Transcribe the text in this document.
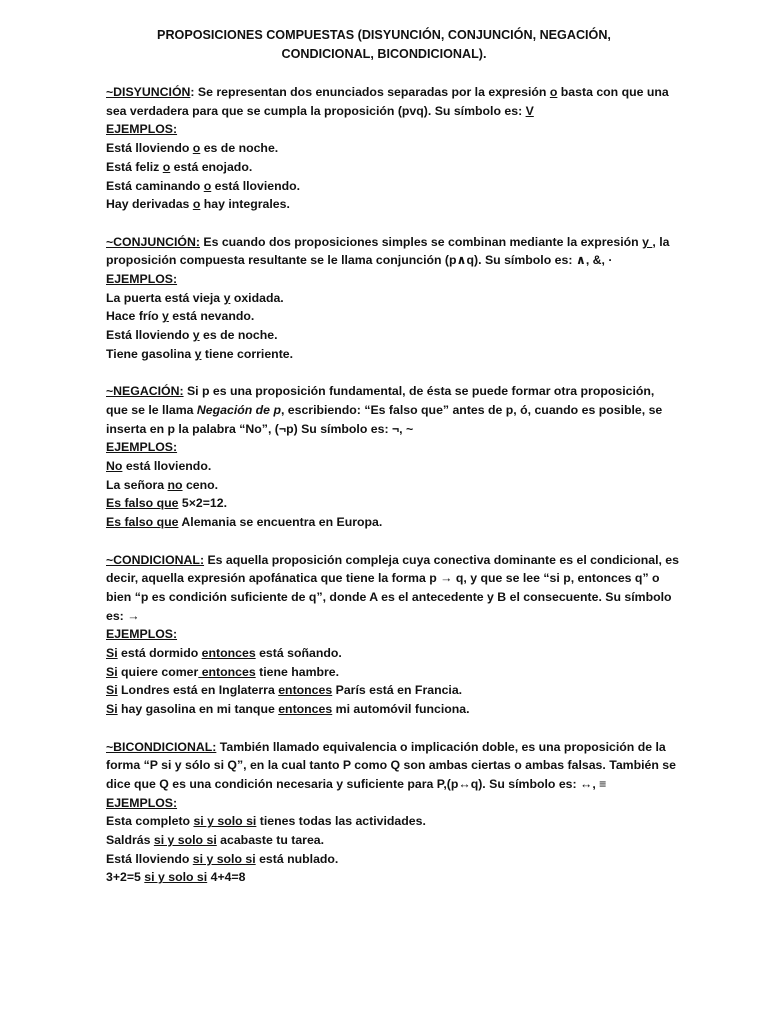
PROPOSICIONES COMPUESTAS (DISYUNCIÓN, CONJUNCIÓN, NEGACIÓN,
CONDICIONAL, BICONDICIONAL).
~DISYUNCIÓN: Se representan dos enunciados separadas por la expresión o basta con que una
sea verdadera para que se cumpla la proposición (pvq). Su símbolo es: V
EJEMPLOS:
Está lloviendo o es de noche.
Está feliz o está enojado.
Está caminando o está lloviendo.
Hay derivadas o hay integrales.
~CONJUNCIÓN: Es cuando dos proposiciones simples se combinan mediante la expresión y , la
proposición compuesta resultante se le llama conjunción (p∧q). Su símbolo es: ∧, &, ·
EJEMPLOS:
La puerta está vieja y oxidada.
Hace frío y está nevando.
Está lloviendo y es de noche.
Tiene gasolina y tiene corriente.
~NEGACIÓN: Si p es una proposición fundamental, de ésta se puede formar otra proposición,
que se le llama Negación de p, escribiendo: “Es falso que” antes de p, ó, cuando es posible, se
inserta en p la palabra “No”, (¬p) Su símbolo es: ¬, ~
EJEMPLOS:
No está lloviendo.
La señora no ceno.
Es falso que 5×2=12.
Es falso que Alemania se encuentra en Europa.
~CONDICIONAL: Es aquella proposición compleja cuya conectiva dominante es el condicional, es
decir, aquella expresión apofánatica que tiene la forma p → q, y que se lee “si p, entonces q” o
bien “p es condición suficiente de q”, donde A es el antecedente y B el consecuente. Su símbolo
es: →
EJEMPLOS:
Si está dormido entonces está soñando.
Si quiere comer entonces tiene hambre.
Si Londres está en Inglaterra entonces París está en Francia.
Si hay gasolina en mi tanque entonces mi automóvil funciona.
~BICONDICIONAL: También llamado equivalencia o implicación doble, es una proposición de la
forma “P si y sólo si Q”, en la cual tanto P como Q son ambas ciertas o ambas falsas. También se
dice que Q es una condición necesaria y suficiente para P,(p↔q). Su símbolo es: ↔, ≡
EJEMPLOS:
Esta completo si y solo si tienes todas las actividades.
Saldrás si y solo si acabaste tu tarea.
Está lloviendo si y solo si está nublado.
3+2=5 si y solo si 4+4=8
